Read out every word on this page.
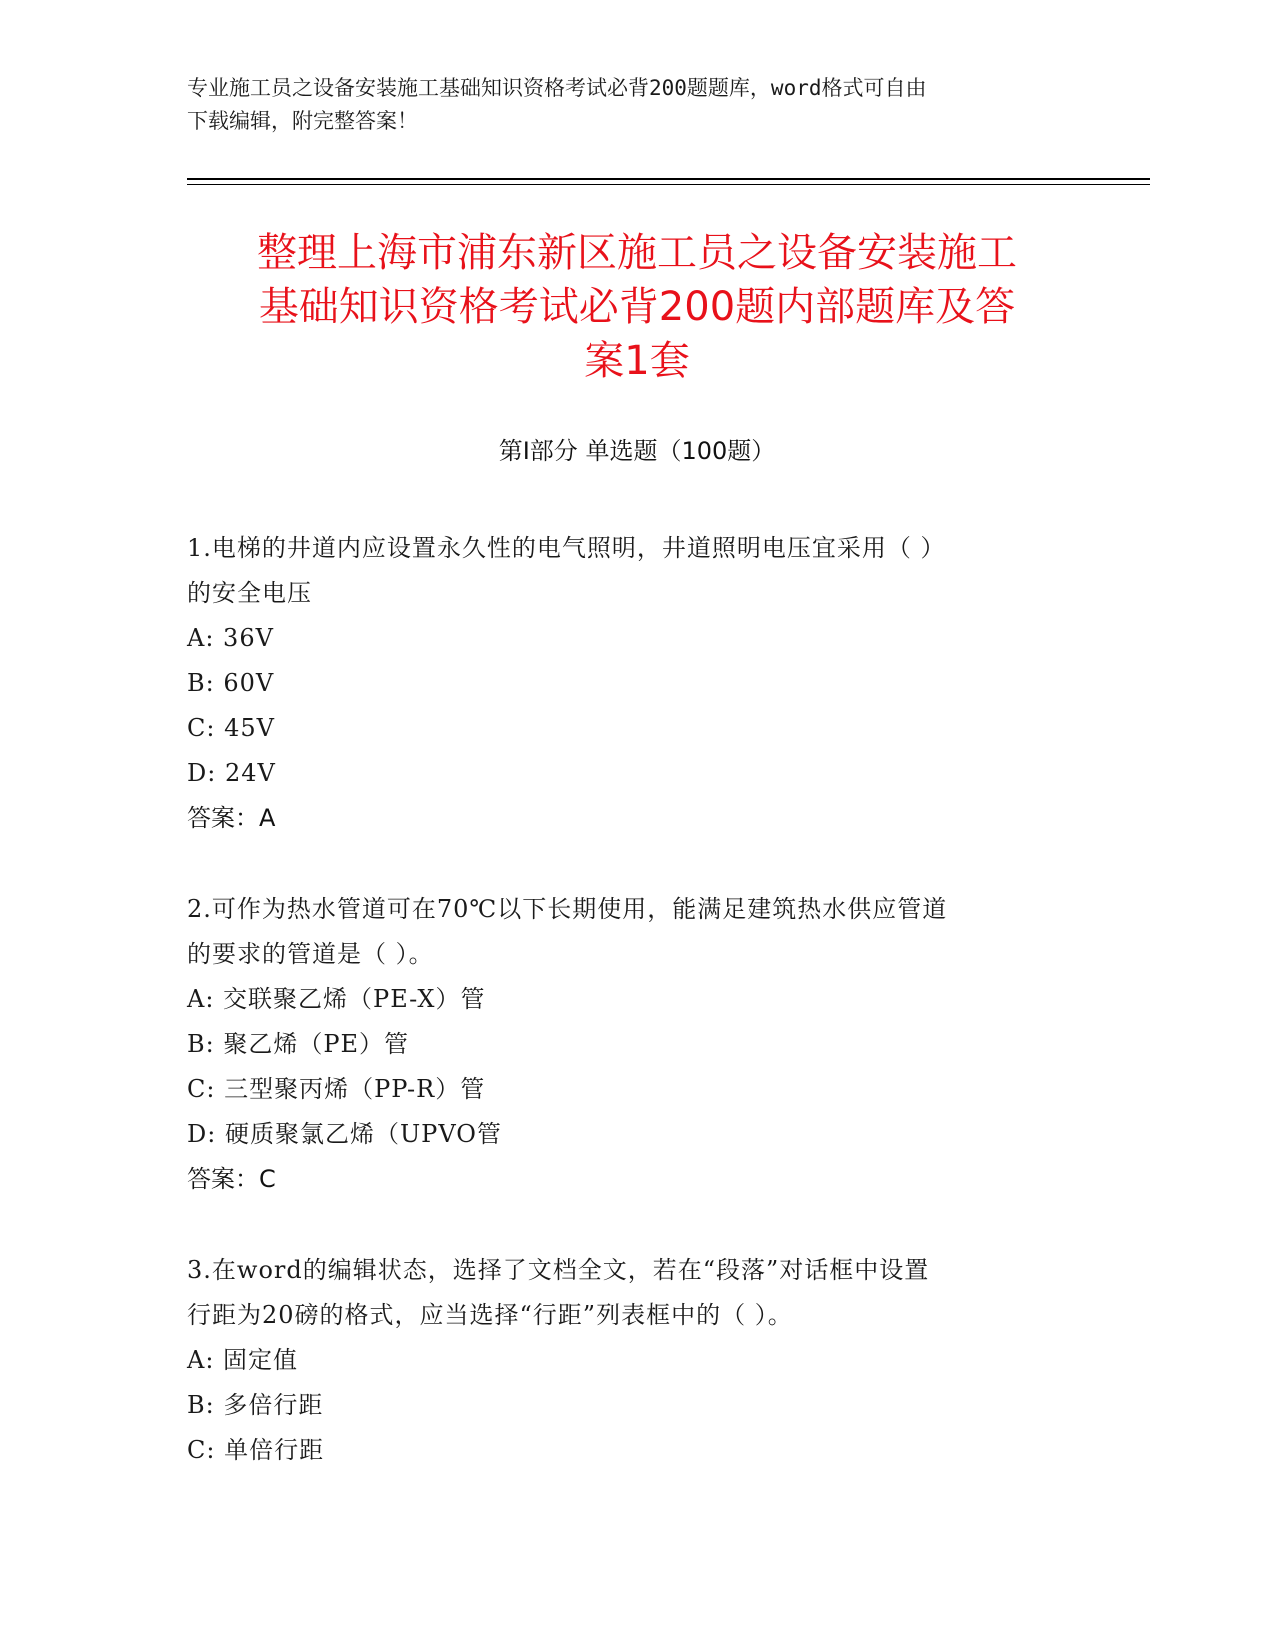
专业施工员之设备安装施工基础知识资格考试必背200题题库，word格式可自由
下载编辑，附完整答案！
整理上海市浦东新区施工员之设备安装施工
基础知识资格考试必背200题内部题库及答
案1套
第Ⅰ部分 单选题（100题）
1.电梯的井道内应设置永久性的电气照明，井道照明电压宜采用（ ）
的安全电压
A: 36V
B: 60V
C: 45V
D: 24V
答案：A
2.可作为热水管道可在70℃以下长期使用，能满足建筑热水供应管道
的要求的管道是（ ）。
A: 交联聚乙烯（PE-X）管
B: 聚乙烯（PE）管
C: 三型聚丙烯（PP-R）管
D: 硬质聚氯乙烯（UPVO管
答案：C
3.在word的编辑状态，选择了文档全文，若在“段落”对话框中设置
行距为20磅的格式，应当选择“行距”列表框中的（ ）。
A: 固定值
B: 多倍行距
C: 单倍行距
